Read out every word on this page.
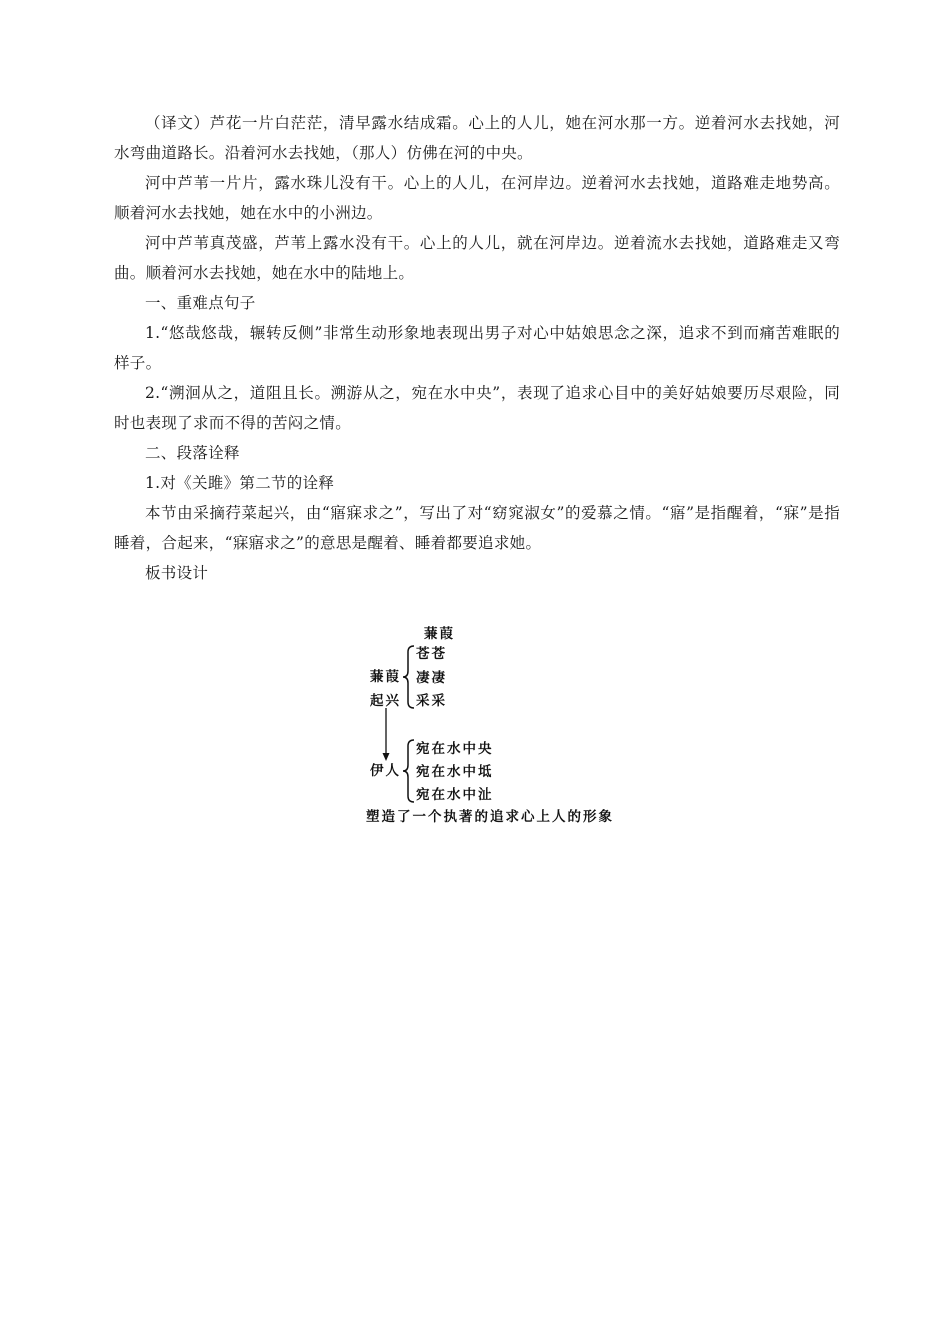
（译文）芦花一片白茫茫，清早露水结成霜。心上的人儿，她在河水那一方。逆着河水去找她，河水弯曲道路长。沿着河水去找她，（那人）仿佛在河的中央。

河中芦苇一片片，露水珠儿没有干。心上的人儿，在河岸边。逆着河水去找她，道路难走地势高。顺着河水去找她，她在水中的小洲边。

河中芦苇真茂盛，芦苇上露水没有干。心上的人儿，就在河岸边。逆着流水去找她，道路难走又弯曲。顺着河水去找她，她在水中的陆地上。

一、重难点句子

1.“悠哉悠哉，辗转反侧”非常生动形象地表现出男子对心中姑娘思念之深，追求不到而痛苦难眠的样子。

2.“溯洄从之，道阻且长。溯游从之，宛在水中央”，表现了追求心目中的美好姑娘要历尽艰险，同时也表现了求而不得的苦闷之情。

二、段落诠释

1.对《关雎》第二节的诠释

本节由采摘荇菜起兴，由“寤寐求之”，写出了对“窈窕淑女”的爱慕之情。“寤”是指醒着，“寐”是指睡着，合起来，“寐寤求之”的意思是醒着、睡着都要追求她。

板书设计

蒹葭
蒹葭
起兴
苍苍
凄凄
采采
伊人
宛在水中央
宛在水中坻
宛在水中沚
塑造了一个执著的追求心上人的形象
